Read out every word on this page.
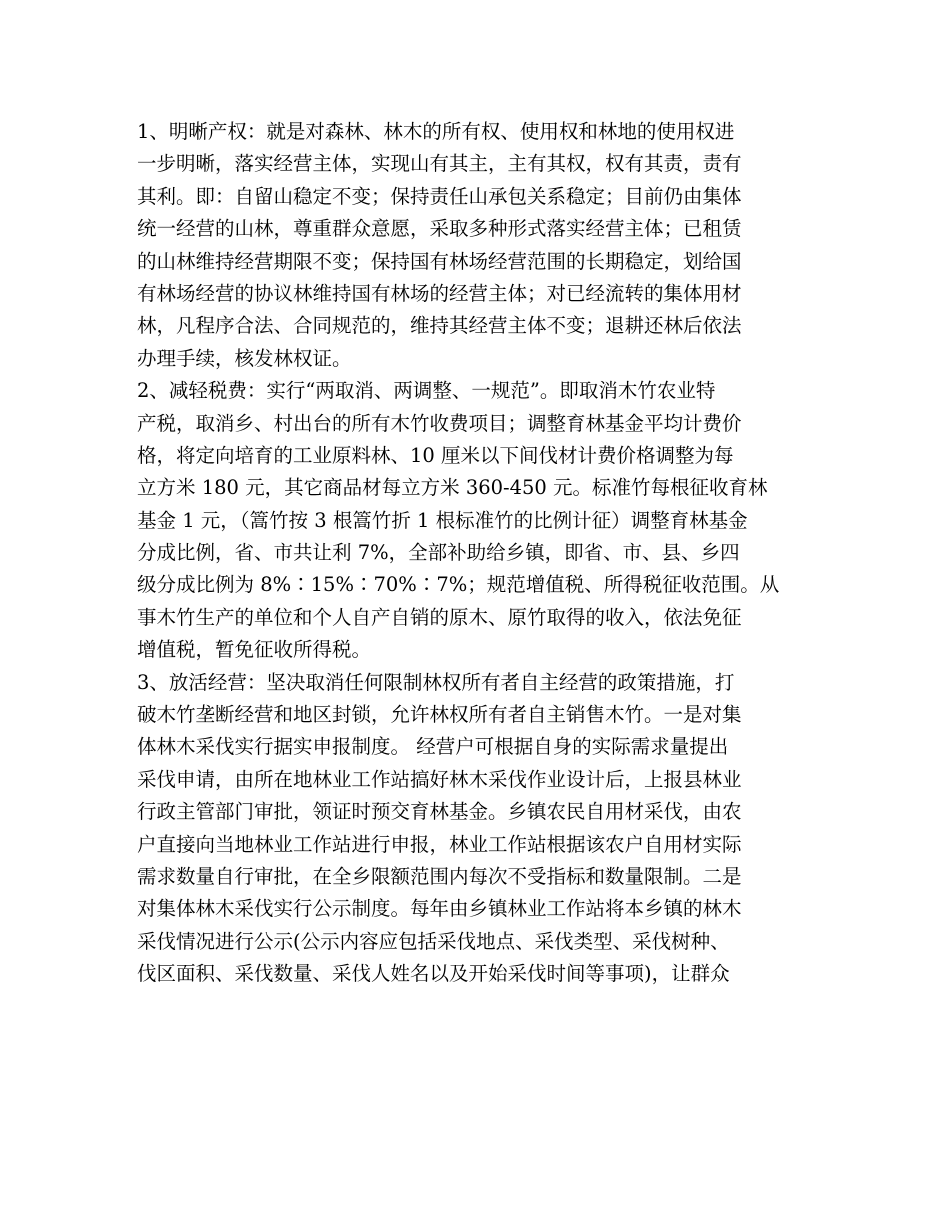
1、明晰产权：就是对森林、林木的所有权、使用权和林地的使用权进
一步明晰，落实经营主体，实现山有其主，主有其权，权有其责，责有
其利。即：自留山稳定不变；保持责任山承包关系稳定；目前仍由集体
统一经营的山林，尊重群众意愿，采取多种形式落实经营主体；已租赁
的山林维持经营期限不变；保持国有林场经营范围的长期稳定，划给国
有林场经营的协议林维持国有林场的经营主体；对已经流转的集体用材
林，凡程序合法、合同规范的，维持其经营主体不变；退耕还林后依法
办理手续，核发林权证。
2、减轻税费：实行“两取消、两调整、一规范”。即取消木竹农业特
产税，取消乡、村出台的所有木竹收费项目；调整育林基金平均计费价
格，将定向培育的工业原料林、10 厘米以下间伐材计费价格调整为每
立方米 180 元，其它商品材每立方米 360-450 元。标准竹每根征收育林
基金 1 元，（篙竹按 3 根篙竹折 1 根标准竹的比例计征）调整育林基金
分成比例，省、市共让利 7%，全部补助给乡镇，即省、市、县、乡四
级分成比例为 8%∶15%∶70%∶7%；规范增值税、所得税征收范围。从
事木竹生产的单位和个人自产自销的原木、原竹取得的收入，依法免征
增值税，暂免征收所得税。
3、放活经营：坚决取消任何限制林权所有者自主经营的政策措施，打
破木竹垄断经营和地区封锁，允许林权所有者自主销售木竹。一是对集
体林木采伐实行据实申报制度。 经营户可根据自身的实际需求量提出
采伐申请，由所在地林业工作站搞好林木采伐作业设计后，上报县林业
行政主管部门审批，领证时预交育林基金。乡镇农民自用材采伐，由农
户直接向当地林业工作站进行申报，林业工作站根据该农户自用材实际
需求数量自行审批，在全乡限额范围内每次不受指标和数量限制。二是
对集体林木采伐实行公示制度。每年由乡镇林业工作站将本乡镇的林木
采伐情况进行公示(公示内容应包括采伐地点、采伐类型、采伐树种、
伐区面积、采伐数量、采伐人姓名以及开始采伐时间等事项)，让群众
